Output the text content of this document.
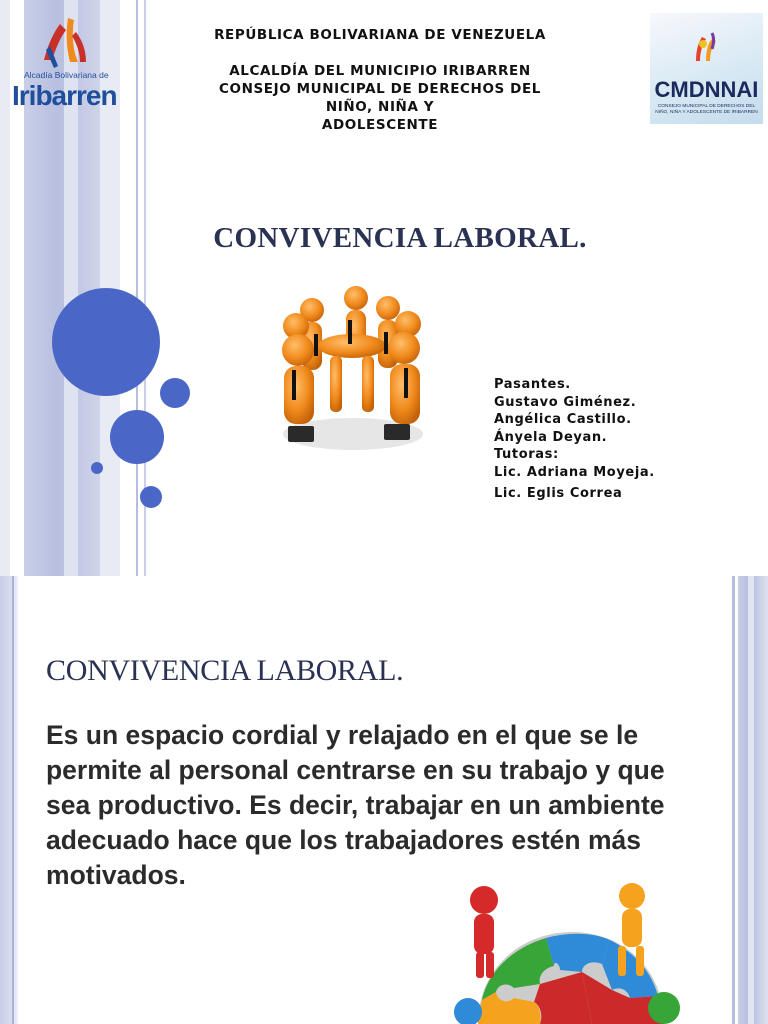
Alcadía Bolivariana de
Iribarren	CMDNNAI
CONSEJO MUNICIPAL DE DERECHOS DEL
NIÑO, NIÑA Y ADOLESCENTE DE IRIBARREN
REPÚBLICA BOLIVARIANA DE VENEZUELA
ALCALDÍA DEL MUNICIPIO IRIBARREN
CONSEJO MUNICIPAL DE DERECHOS DEL
NIÑO, NIÑA Y
ADOLESCENTE
CONVIVENCIA LABORAL.
Pasantes.
Gustavo Giménez.
Angélica Castillo.
Ányela Deyan.
Tutoras:
Lic. Adriana Moyeja.
Lic. Eglis Correa
CONVIVENCIA LABORAL.

Es un espacio cordial y relajado en el que se le permite al personal centrarse en su trabajo y que sea productivo. Es decir, trabajar en un ambiente adecuado hace que los trabajadores estén más motivados.
